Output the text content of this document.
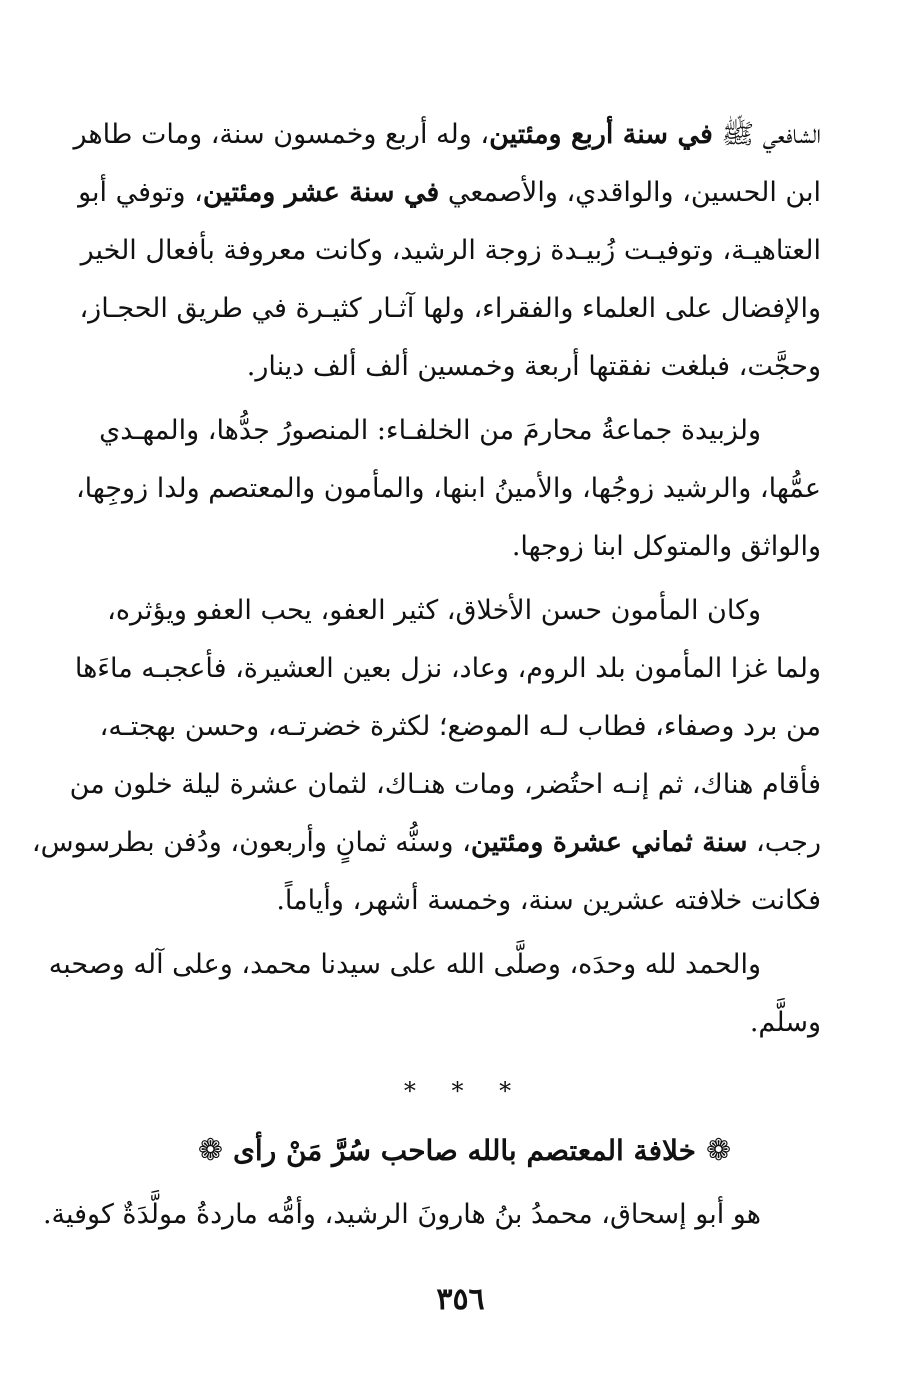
الشافعي ﷺ في سنة أربع ومئتين، وله أربع وخمسون سنة، ومات طاهر
ابن الحسين، والواقدي، والأصمعي في سنة عشر ومئتين، وتوفي أبو
العتاهيـة، وتوفيـت زُبيـدة زوجة الرشيد، وكانت معروفة بأفعال الخير
والإفضال على العلماء والفقراء، ولها آثـار كثيـرة في طريق الحجـاز،
وحجَّت، فبلغت نفقتها أربعة وخمسين ألف ألف دينار.
ولزبيدة جماعةُ محارمَ من الخلفـاء: المنصورُ جدُّها، والمهـدي
عمُّها، والرشيد زوجُها، والأمينُ ابنها، والمأمون والمعتصم ولدا زوجِها،
والواثق والمتوكل ابنا زوجها.
وكان المأمون حسن الأخلاق، كثير العفو، يحب العفو ويؤثره،
ولما غزا المأمون بلد الروم، وعاد، نزل بعين العشيرة، فأعجبـه ماءَها
من برد وصفاء، فطاب لـه الموضع؛ لكثرة خضرتـه، وحسن بهجتـه،
فأقام هناك، ثم إنـه احتُضر، ومات هنـاك، لثمان عشرة ليلة خلون من
رجب، سنة ثماني عشرة ومئتين، وسنُّه ثمانٍ وأربعون، ودُفن بطرسوس،
فكانت خلافته عشرين سنة، وخمسة أشهر، وأياماً.
والحمد لله وحدَه، وصلَّى الله على سيدنا محمد، وعلى آله وصحبه
وسلَّم.
* * *
❁خلافة المعتصم بالله صاحب سُرَّ مَنْ رأى❁
هو أبو إسحاق، محمدُ بنُ هارونَ الرشيد، وأمُّه ماردةُ مولَّدَةٌ كوفية.
٣٥٦
